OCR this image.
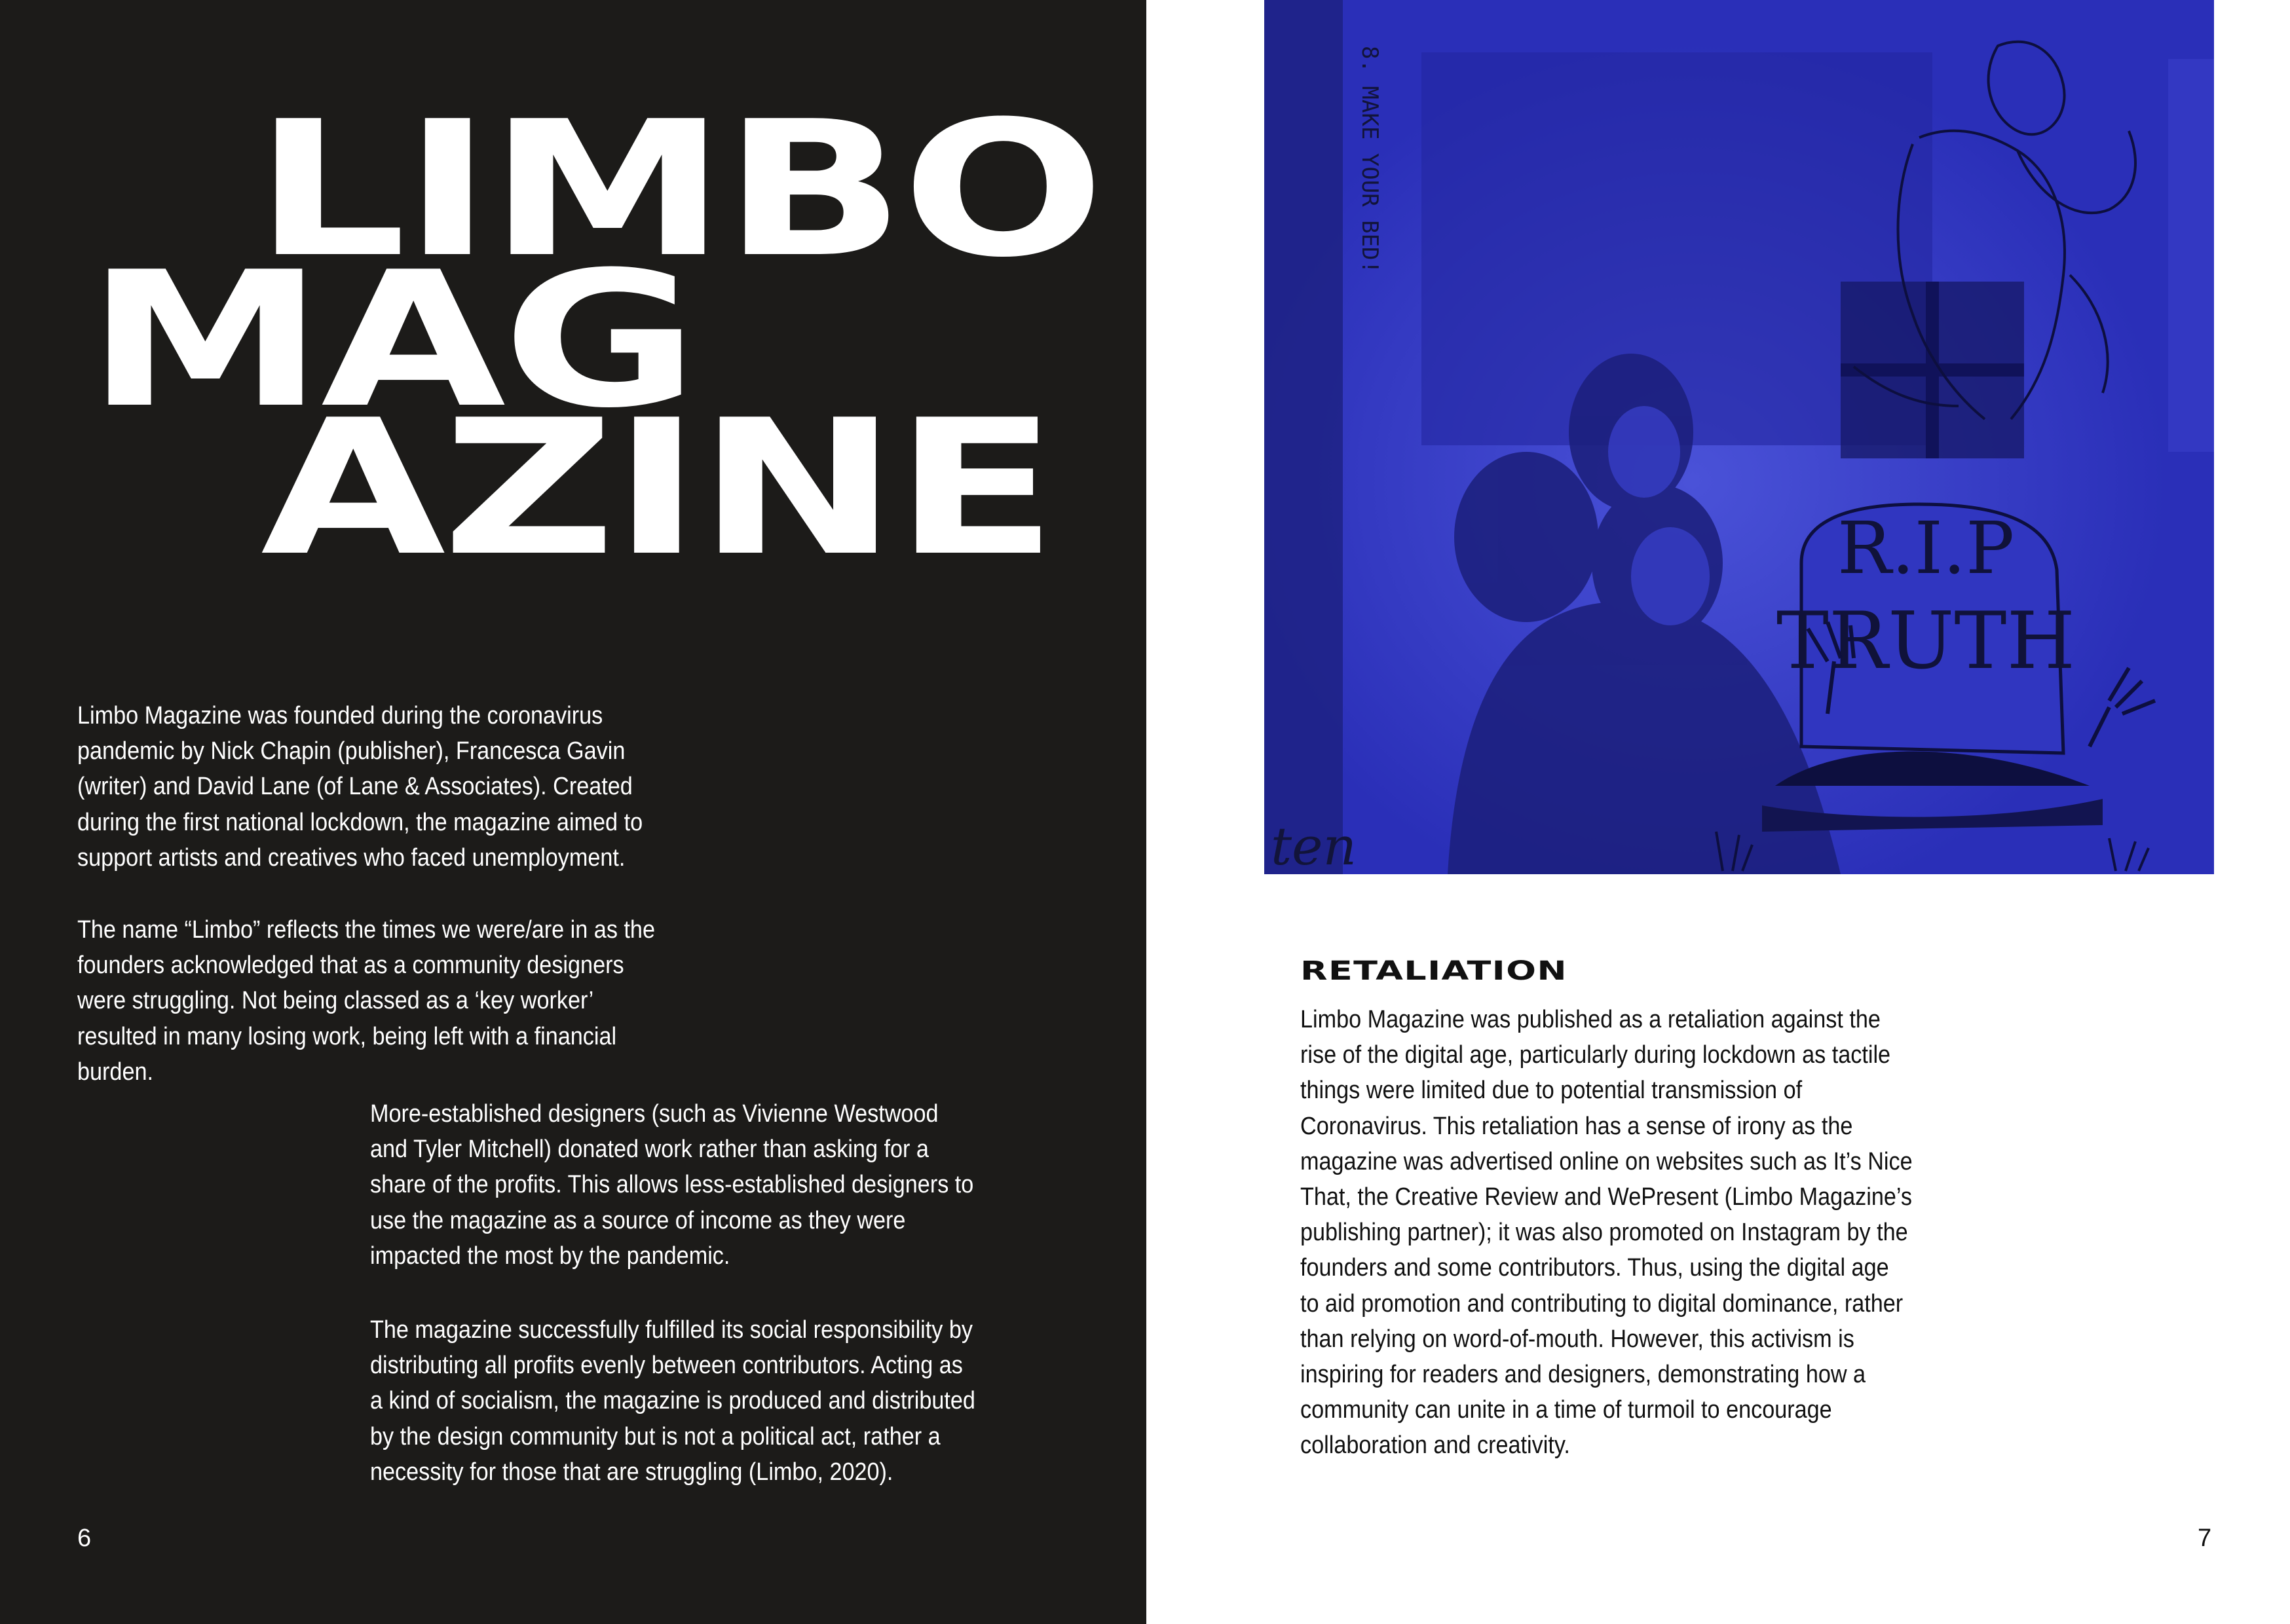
LIMBO
MAG
AZINE

Limbo Magazine was founded during the coronavirus pandemic by Nick Chapin (publisher), Francesca Gavin (writer) and David Lane (of Lane & Associates). Created during the first national lockdown, the magazine aimed to support artists and creatives who faced unemployment.

The name “Limbo” reflects the times we were/are in as the founders acknowledged that as a community designers were struggling. Not being classed as a ‘key worker’ resulted in many losing work, being left with a financial burden.

More-established designers (such as Vivienne Westwood and Tyler Mitchell) donated work rather than asking for a share of the profits. This allows less-established designers to use the magazine as a source of income as they were impacted the most by the pandemic.

The magazine successfully fulfilled its social responsibility by distributing all profits evenly between contributors. Acting as a kind of socialism, the magazine is produced and distributed by the design community but is not a political act, rather a necessity for those that are struggling (Limbo, 2020).

6
R.I.P
TRUTH
8. MAKE YOUR BED!
ten
RETALIATION

Limbo Magazine was published as a retaliation against the rise of the digital age, particularly during lockdown as tactile things were limited due to potential transmission of Coronavirus. This retaliation has a sense of irony as the magazine was advertised online on websites such as It’s Nice That, the Creative Review and WePresent (Limbo Magazine’s publishing partner); it was also promoted on Instagram by the founders and some contributors. Thus, using the digital age to aid promotion and contributing to digital dominance, rather than relying on word-of-mouth. However, this activism is inspiring for readers and designers, demonstrating how a community can unite in a time of turmoil to encourage collaboration and creativity.

7
